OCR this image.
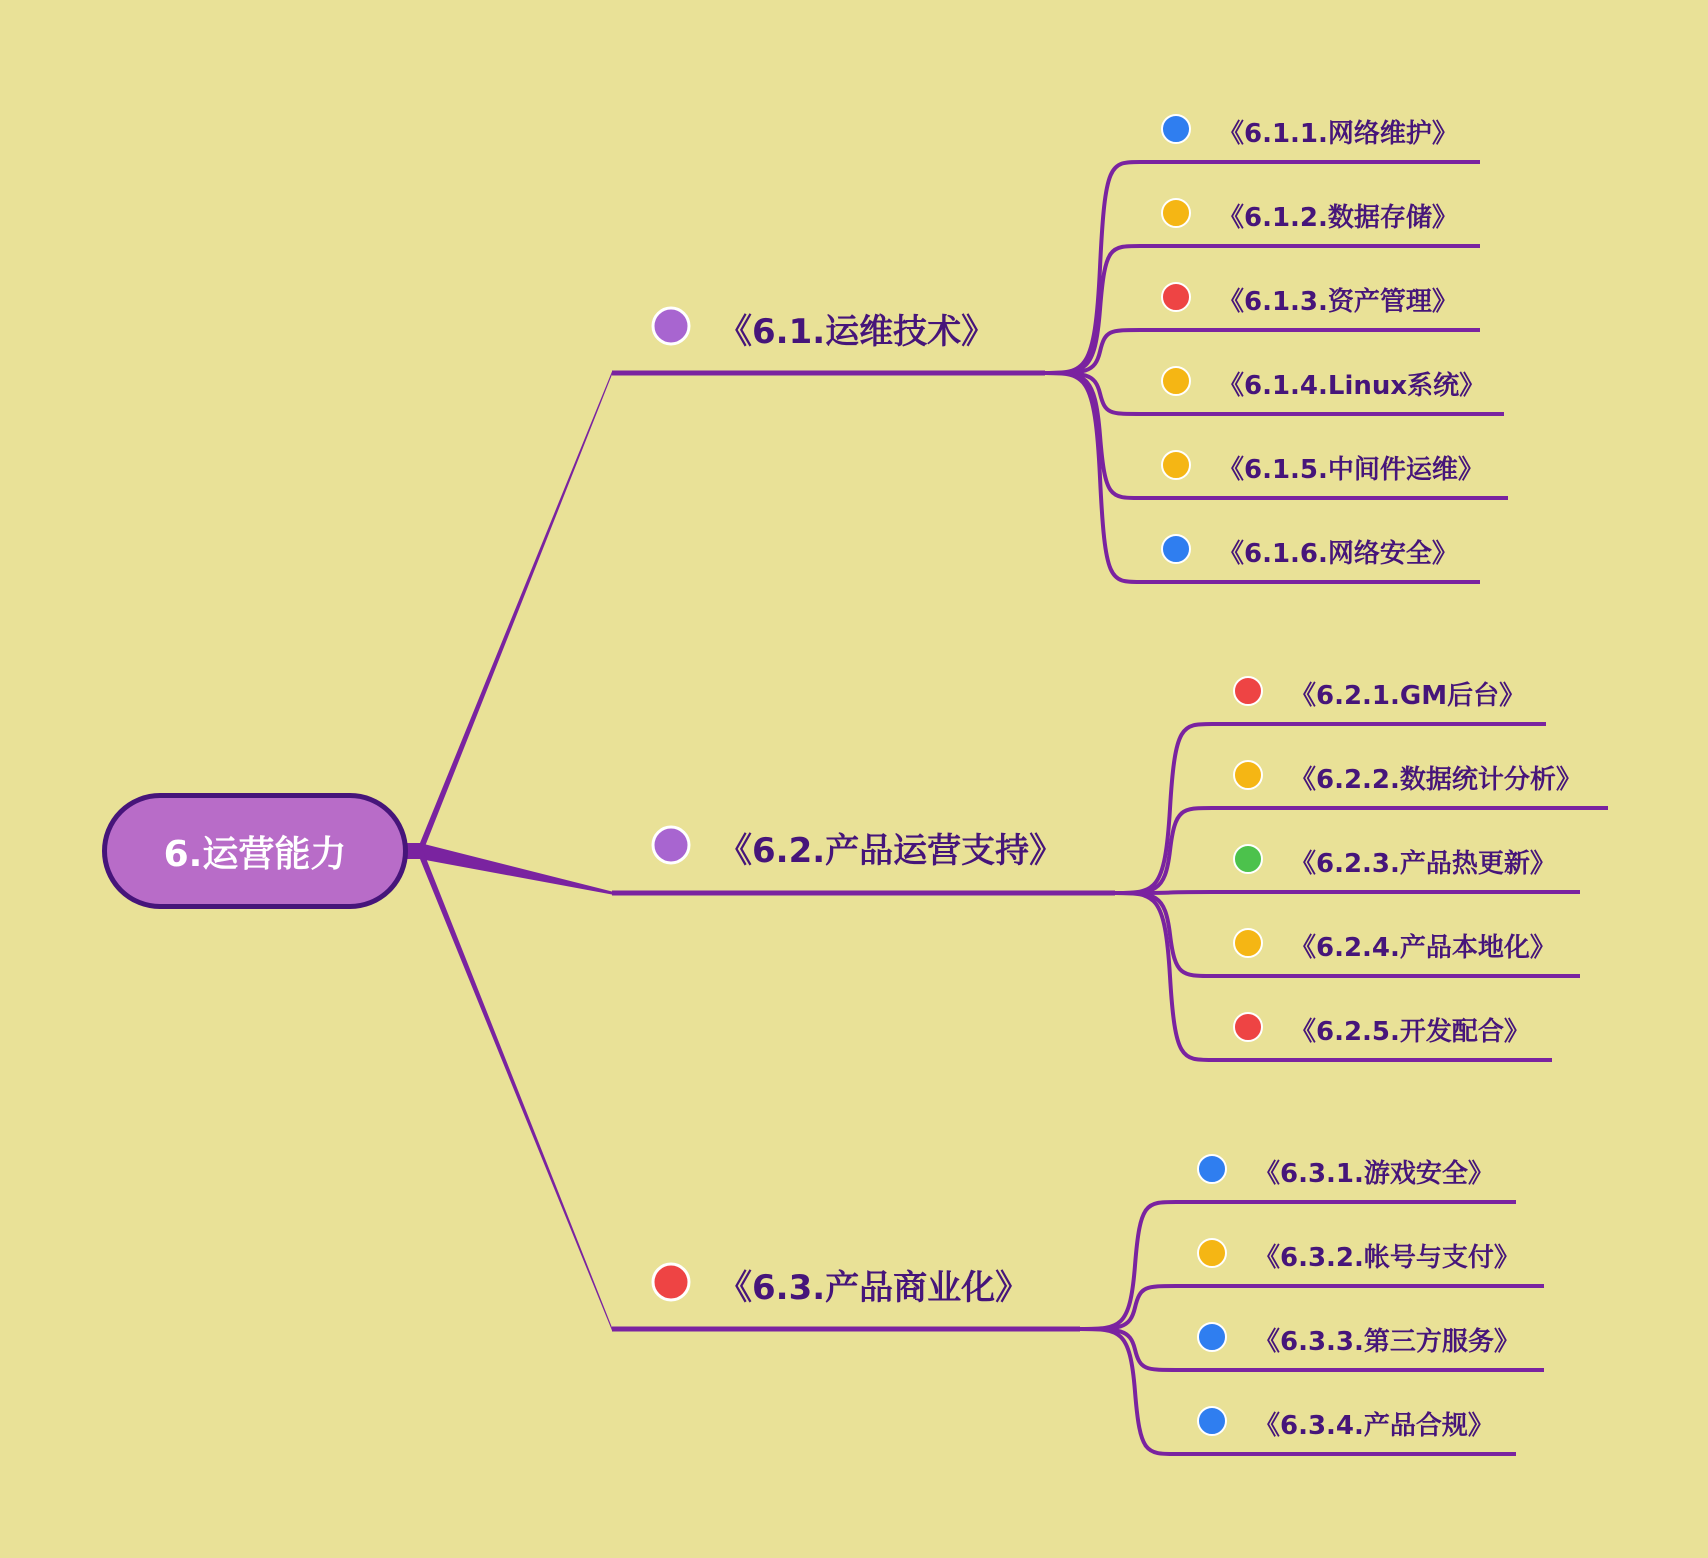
6.运营能力
《6.1.运维技术》
《6.1.1.网络维护》
《6.1.2.数据存储》
《6.1.3.资产管理》
《6.1.4.Linux系统》
《6.1.5.中间件运维》
《6.1.6.网络安全》
《6.2.产品运营支持》
《6.2.1.GM后台》
《6.2.2.数据统计分析》
《6.2.3.产品热更新》
《6.2.4.产品本地化》
《6.2.5.开发配合》
《6.3.产品商业化》
《6.3.1.游戏安全》
《6.3.2.帐号与支付》
《6.3.3.第三方服务》
《6.3.4.产品合规》
